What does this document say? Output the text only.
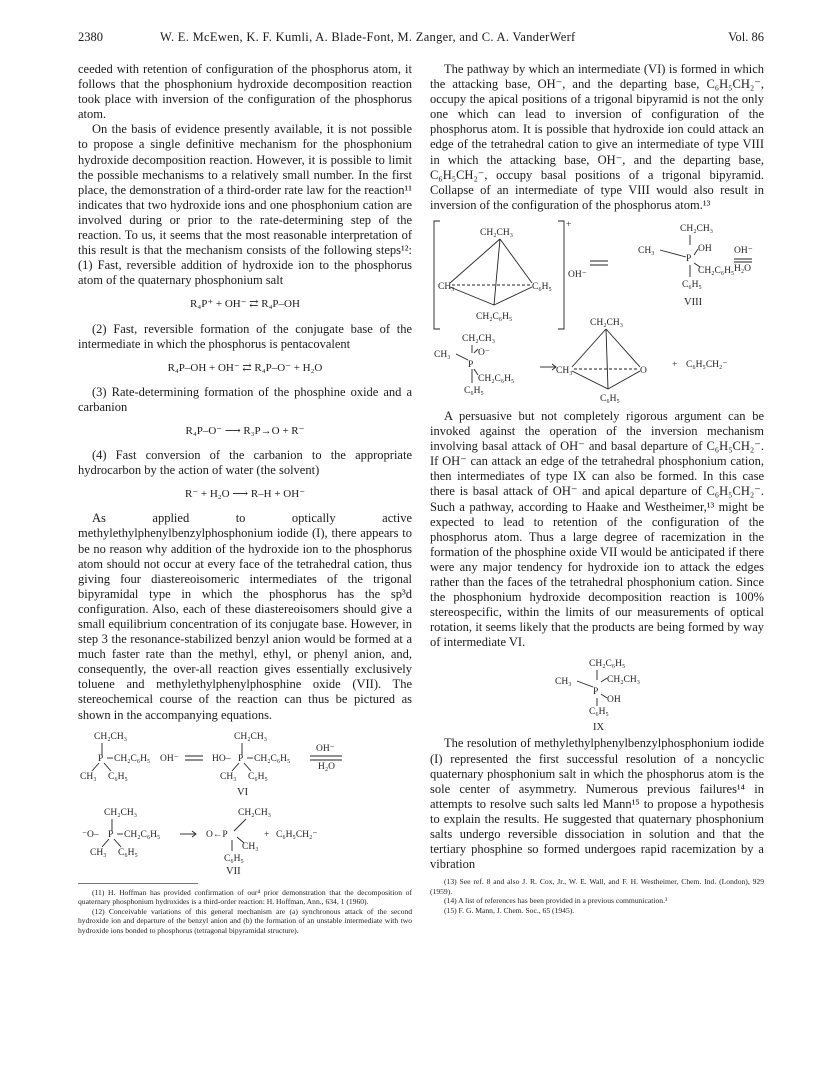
2380	W. E. McEwen, K. F. Kumli, A. Blade-Font, M. Zanger, and C. A. VanderWerf	Vol. 86

ceeded with retention of configuration of the phosphorus atom, it follows that the phosphonium hydroxide decomposition reaction took place with inversion of the configuration of the phosphorus atom.

On the basis of evidence presently available, it is not possible to propose a single definitive mechanism for the phosphonium hydroxide decomposition reaction. However, it is possible to limit the possible mechanisms to a relatively small number. In the first place, the demonstration of a third-order rate law for the reaction¹¹ indicates that two hydroxide ions and one phosphonium cation are involved during or prior to the rate-determining step of the reaction. To us, it seems that the most reasonable interpretation of this result is that the mechanism consists of the following steps¹²: (1) Fast, reversible addition of hydroxide ion to the phosphorus atom of the quaternary phosphonium salt

R₄P⁺ + OH⁻ ⇄ R₄P–OH

(2) Fast, reversible formation of the conjugate base of the intermediate in which the phosphorus is pentacovalent

R₄P–OH + OH⁻ ⇄ R₄P–O⁻ + H₂O

(3) Rate-determining formation of the phosphine oxide and a carbanion

R₄P–O⁻ ⟶ R₃P→O + R⁻

(4) Fast conversion of the carbanion to the appropriate hydrocarbon by the action of water (the solvent)

R⁻ + H₂O ⟶ R–H + OH⁻

As applied to optically active methylethylphenylbenzylphosphonium iodide (I), there appears to be no reason why addition of the hydroxide ion to the phosphorus atom should not occur at every face of the tetrahedral cation, thus giving four diastereoisomeric intermediates of the trigonal bipyramidal type in which the phosphorus has the sp³d configuration. Also, each of these diastereoisomers should give a small equilibrium concentration of its conjugate base. However, in step 3 the resonance-stabilized benzyl anion would be formed at a much faster rate than the methyl, ethyl, or phenyl anion, and, consequently, the over-all reaction gives essentially exclusively toluene and methylethylphenylphosphine oxide (VII). The stereochemical course of the reaction can thus be pictured as shown in the accompanying equations.

CH₂CH₃
P CH₂C₆H₅ OH⁻
CH₃ C₆H₅
CH₂CH₃
HO– P CH₂C₆H₅
CH₃ C₆H₅
VI
OH⁻
H₂O
CH₂CH₃
⁻O– P CH₂C₆H₅
CH₃ C₆H₅
O←P
CH₂CH₃
CH₃
C₆H₅
+ C₆H₅CH₂⁻
VII

(11) H. Hoffman has provided confirmation of our⁴ prior demonstration that the decomposition of quaternary phosphonium hydroxides is a third-order reaction: H. Hoffman, Ann., 634, 1 (1960).

(12) Conceivable variations of this general mechanism are (a) synchronous attack of the second hydroxide ion and departure of the benzyl anion and (b) the formation of an unstable intermediate with two hydroxide ions bonded to phosphorus (tetragonal bipyramidal structure).

The pathway by which an intermediate (VI) is formed in which the attacking base, OH⁻, and the departing base, C₆H₅CH₂⁻, occupy the apical positions of a trigonal bipyramid is not the only one which can lead to inversion of configuration of the phosphorus atom. It is possible that hydroxide ion could attack an edge of the tetrahedral cation to give an intermediate of type VIII in which the attacking base, OH⁻, and the departing base, C₆H₅CH₂⁻, occupy basal positions of a trigonal bipyramid. Collapse of an intermediate of type VIII would also result in inversion of the configuration of the phosphorus atom.¹³

+
CH₂CH₃
CH₃	C₆H₅
CH₂C₆H₅
OH⁻
CH₂CH₃
CH₃
P
OH
CH₂C₆H₅
C₆H₅
OH⁻
H₂O
VIII
CH₂CH₃
CH₃	O⁻
P
CH₂C₆H₅
C₆H₅
CH₂CH₃
CH₃	O
C₆H₅
+ C₆H₅CH₂⁻

A persuasive but not completely rigorous argument can be invoked against the operation of the inversion mechanism involving basal attack of OH⁻ and basal departure of C₆H₅CH₂⁻. If OH⁻ can attack an edge of the tetrahedral phosphonium cation, then intermediates of type IX can also be formed. In this case there is basal attack of OH⁻ and apical departure of C₆H₅CH₂⁻. Such a pathway, according to Haake and Westheimer,¹³ might be expected to lead to retention of the configuration of the phosphorus atom. Thus a large degree of racemization in the formation of the phosphine oxide VII would be anticipated if there were any major tendency for hydroxide ion to attack the edges rather than the faces of the tetrahedral phosphonium cation. Since the phosphonium hydroxide decomposition reaction is 100% stereospecific, within the limits of our measurements of optical rotation, it seems likely that the products are being formed by way of intermediate VI.

CH₂C₆H₅
CH₃	CH₂CH₃
P
OH
C₆H₅
IX

The resolution of methylethylphenylbenzylphosphonium iodide (I) represented the first successful resolution of a noncyclic quaternary phosphonium salt in which the phosphorus atom is the sole center of asymmetry. Numerous previous failures¹⁴ in attempts to resolve such salts led Mann¹⁵ to propose a hypothesis to explain the results. He suggested that quaternary phosphonium salts undergo reversible dissociation in solution and that the tertiary phosphine so formed undergoes rapid racemization by a vibration

(13) See ref. 8 and also J. R. Cox, Jr., W. E. Wall, and F. H. Westheimer, Chem. Ind. (London), 929 (1959).

(14) A list of references has been provided in a previous communication.³

(15) F. G. Mann, J. Chem. Soc., 65 (1945).
